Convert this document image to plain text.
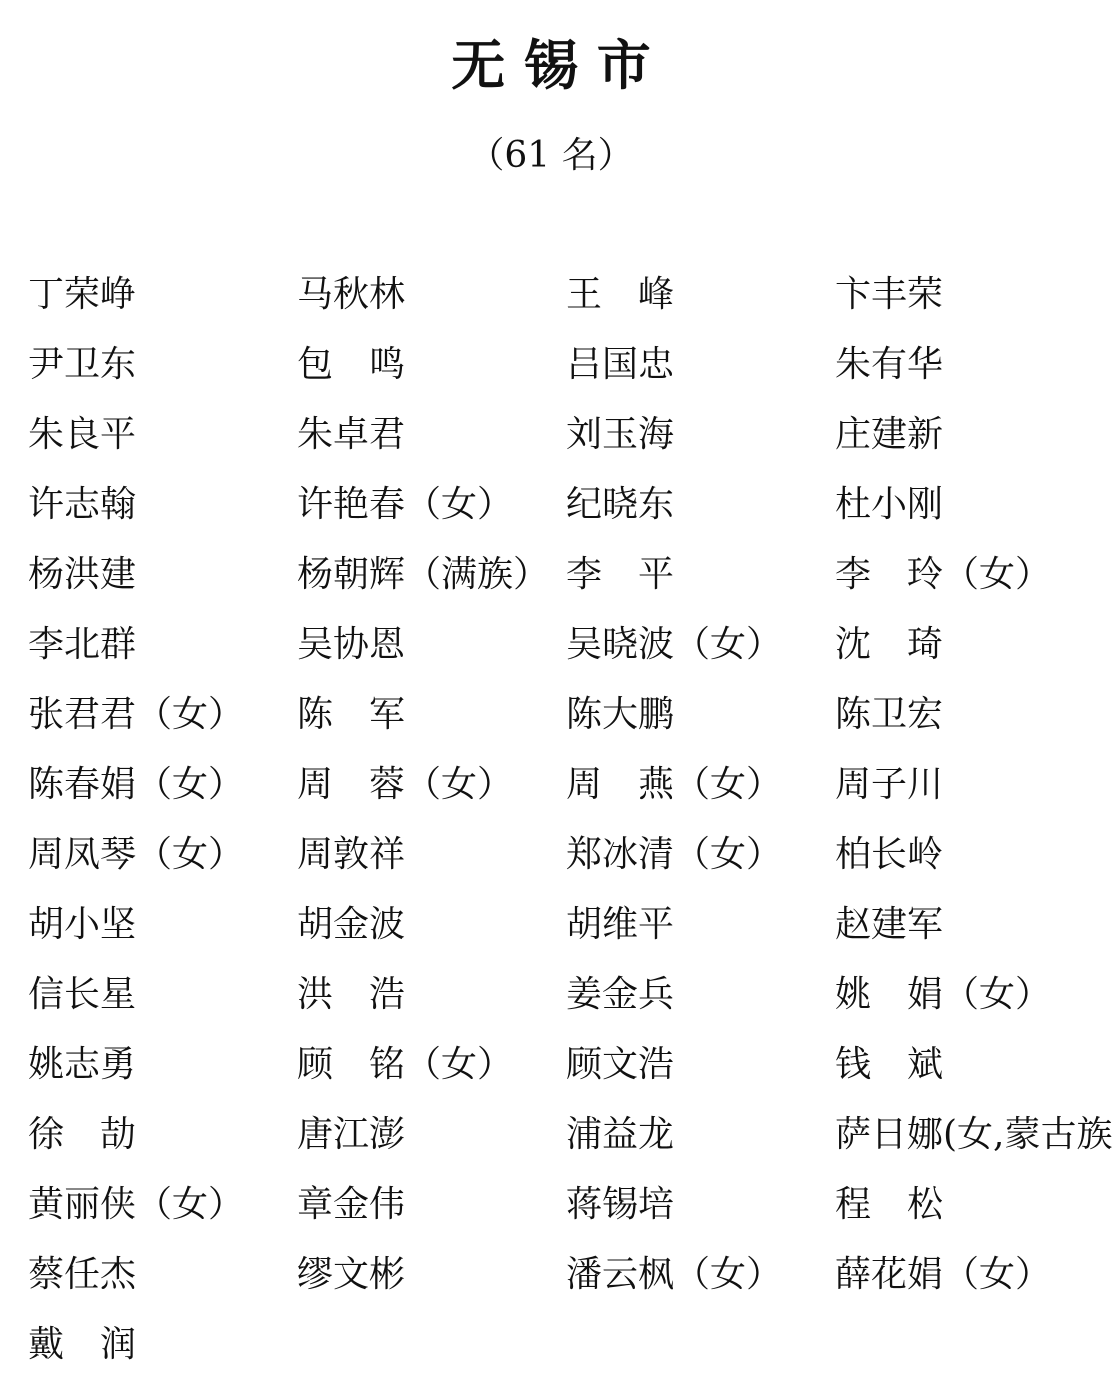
无 锡 市
（61 名）
丁荣峥	马秋林	王　峰	卞丰荣
尹卫东	包　鸣	吕国忠	朱有华
朱良平	朱卓君	刘玉海	庄建新
许志翰	许艳春（女）	纪晓东	杜小刚
杨洪建	杨朝辉（满族） 李　平	李　玲（女）
李北群	吴协恩	吴晓波（女）	沈　琦
张君君（女）	陈　军	陈大鹏	陈卫宏
陈春娟（女）	周　蓉（女）	周　燕（女）	周子川
周凤琴（女）	周敦祥	郑冰清（女）	柏长岭
胡小坚	胡金波	胡维平	赵建军
信长星	洪　浩	姜金兵	姚　娟（女）
姚志勇	顾　铭（女）	顾文浩	钱　斌
徐　劼	唐江澎	浦益龙	萨日娜(女,蒙古族
黄丽侠（女）	章金伟	蒋锡培	程　松
蔡任杰	缪文彬	潘云枫（女）	薛花娟（女）
戴　润
